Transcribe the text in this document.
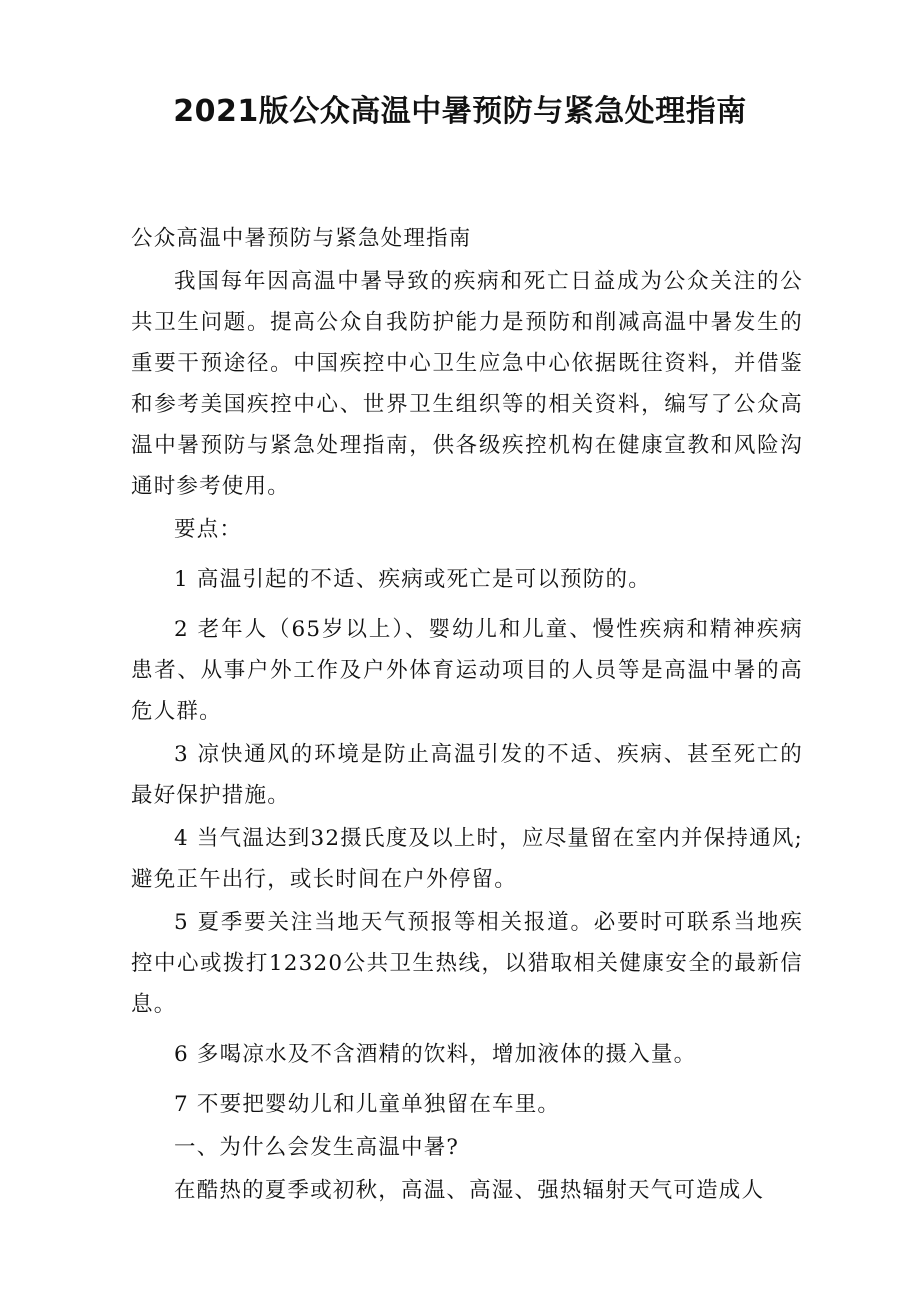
2021版公众高温中暑预防与紧急处理指南

公众高温中暑预防与紧急处理指南

我国每年因高温中暑导致的疾病和死亡日益成为公众关注的公共卫生问题。提高公众自我防护能力是预防和削减高温中暑发生的重要干预途径。中国疾控中心卫生应急中心依据既往资料，并借鉴和参考美国疾控中心、世界卫生组织等的相关资料，编写了公众高温中暑预防与紧急处理指南，供各级疾控机构在健康宣教和风险沟通时参考使用。

要点：

1 高温引起的不适、疾病或死亡是可以预防的。

2 老年人（65岁以上）、婴幼儿和儿童、慢性疾病和精神疾病患者、从事户外工作及户外体育运动项目的人员等是高温中暑的高危人群。

3 凉快通风的环境是防止高温引发的不适、疾病、甚至死亡的最好保护措施。

4 当气温达到32摄氏度及以上时，应尽量留在室内并保持通风;避免正午出行，或长时间在户外停留。

5 夏季要关注当地天气预报等相关报道。必要时可联系当地疾控中心或拨打12320公共卫生热线，以猎取相关健康安全的最新信息。

6 多喝凉水及不含酒精的饮料，增加液体的摄入量。

7 不要把婴幼儿和儿童单独留在车里。

一、为什么会发生高温中暑?

在酷热的夏季或初秋，高温、高湿、强热辐射天气可造成人
